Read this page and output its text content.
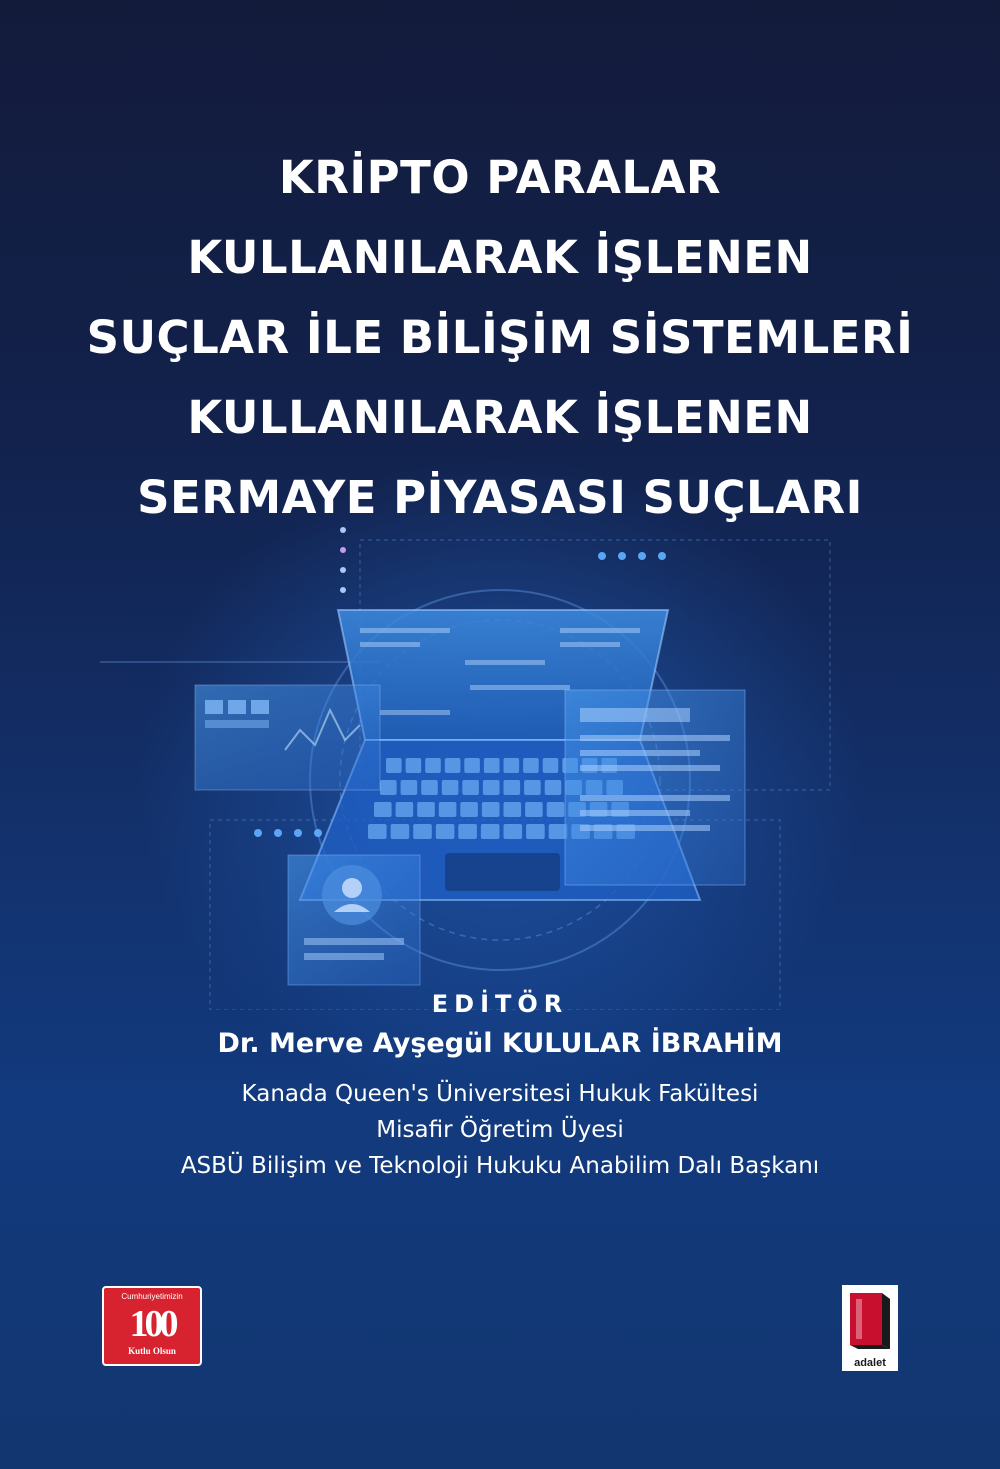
KRİPTO PARALAR
KULLANILARAK İŞLENEN
SUÇLAR İLE BİLİŞİM SİSTEMLERİ
KULLANILARAK İŞLENEN
SERMAYE PİYASASI SUÇLARI
EDİTÖR
Dr. Merve Ayşegül KULULAR İBRAHİM
Kanada Queen's Üniversitesi Hukuk Fakültesi
Misafir Öğretim Üyesi
ASBÜ Bilişim ve Teknoloji Hukuku Anabilim Dalı Başkanı
Cumhuriyetimizin
100
Kutlu Olsun
adalet
